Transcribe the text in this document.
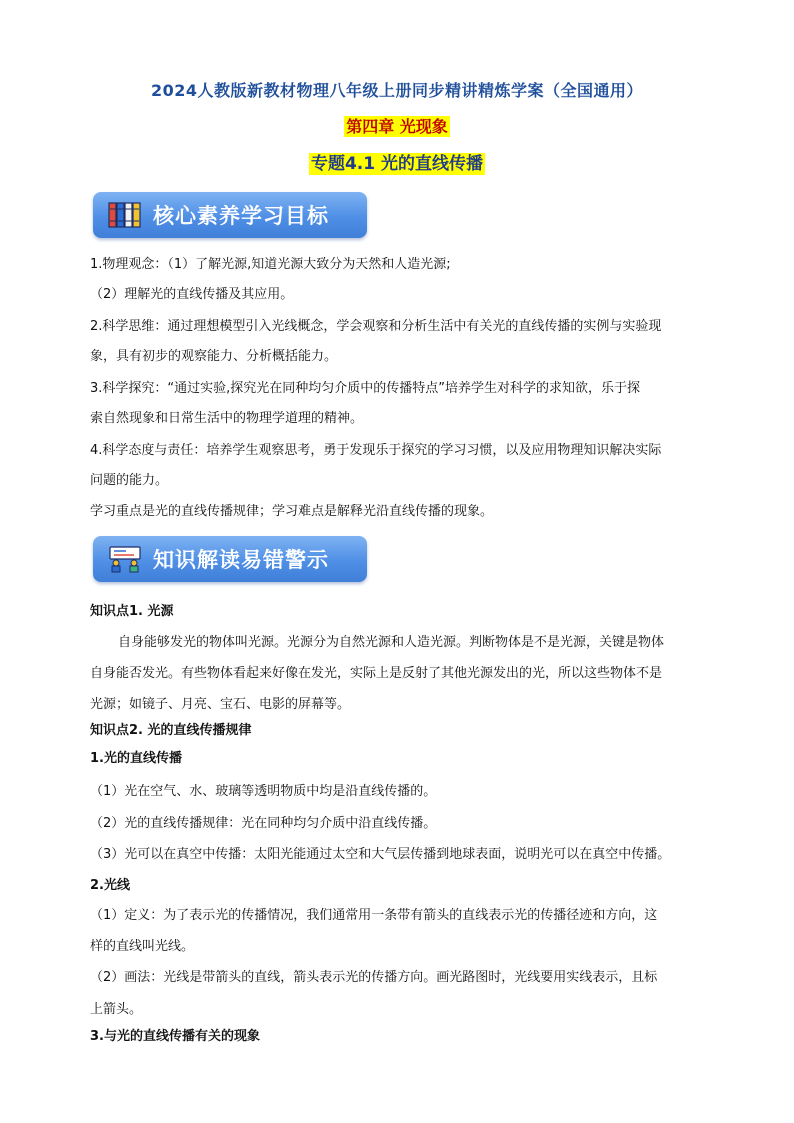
2024人教版新教材物理八年级上册同步精讲精炼学案（全国通用）
第四章 光现象
专题4.1 光的直线传播
核心素养学习目标
1.物理观念：（1）了解光源,知道光源大致分为天然和人造光源;
（2）理解光的直线传播及其应用。
2.科学思维：通过理想模型引入光线概念，学会观察和分析生活中有关光的直线传播的实例与实验现
象，具有初步的观察能力、分析概括能力。
3.科学探究：“通过实验,探究光在同种均匀介质中的传播特点”培养学生对科学的求知欲，乐于探
索自然现象和日常生活中的物理学道理的精神。
4.科学态度与责任：培养学生观察思考，勇于发现乐于探究的学习习惯，以及应用物理知识解决实际
问题的能力。
学习重点是光的直线传播规律；学习难点是解释光沿直线传播的现象。
知识解读易错警示
知识点1. 光源
自身能够发光的物体叫光源。光源分为自然光源和人造光源。判断物体是不是光源，关键是物体
自身能否发光。有些物体看起来好像在发光，实际上是反射了其他光源发出的光，所以这些物体不是
光源；如镜子、月亮、宝石、电影的屏幕等。
知识点2. 光的直线传播规律
1.光的直线传播
（1）光在空气、水、玻璃等透明物质中均是沿直线传播的。
（2）光的直线传播规律：光在同种均匀介质中沿直线传播。
（3）光可以在真空中传播：太阳光能通过太空和大气层传播到地球表面，说明光可以在真空中传播。
2.光线
（1）定义：为了表示光的传播情况，我们通常用一条带有箭头的直线表示光的传播径迹和方向，这
样的直线叫光线。
（2）画法：光线是带箭头的直线，箭头表示光的传播方向。画光路图时，光线要用实线表示，且标
上箭头。
3.与光的直线传播有关的现象
